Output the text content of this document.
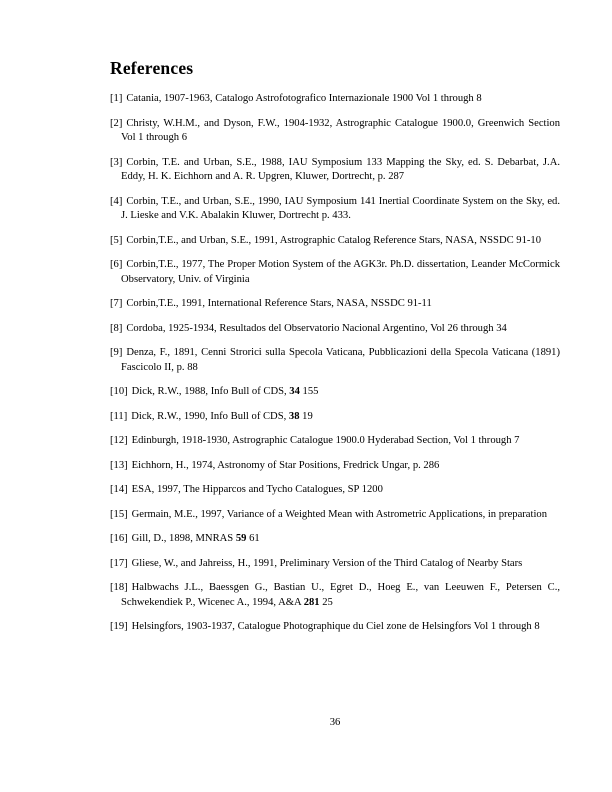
References

[1] Catania, 1907-1963, Catalogo Astrofotografico Internazionale 1900 Vol 1 through 8

[2] Christy, W.H.M., and Dyson, F.W., 1904-1932, Astrographic Catalogue 1900.0, Greenwich Section Vol 1 through 6

[3] Corbin, T.E. and Urban, S.E., 1988, IAU Symposium 133 Mapping the Sky, ed. S. Debarbat, J.A. Eddy, H. K. Eichhorn and A. R. Upgren, Kluwer, Dortrecht, p. 287

[4] Corbin, T.E., and Urban, S.E., 1990, IAU Symposium 141 Inertial Coordinate System on the Sky, ed. J. Lieske and V.K. Abalakin Kluwer, Dortrecht p. 433.

[5] Corbin,T.E., and Urban, S.E., 1991, Astrographic Catalog Reference Stars, NASA, NSSDC 91-10

[6] Corbin,T.E., 1977, The Proper Motion System of the AGK3r. Ph.D. dissertation, Leander McCormick Observatory, Univ. of Virginia

[7] Corbin,T.E., 1991, International Reference Stars, NASA, NSSDC 91-11

[8] Cordoba, 1925-1934, Resultados del Observatorio Nacional Argentino, Vol 26 through 34

[9] Denza, F., 1891, Cenni Strorici sulla Specola Vaticana, Pubblicazioni della Specola Vaticana (1891) Fascicolo II, p. 88

[10] Dick, R.W., 1988, Info Bull of CDS, 34 155

[11] Dick, R.W., 1990, Info Bull of CDS, 38 19

[12] Edinburgh, 1918-1930, Astrographic Catalogue 1900.0 Hyderabad Section, Vol 1 through 7

[13] Eichhorn, H., 1974, Astronomy of Star Positions, Fredrick Ungar, p. 286

[14] ESA, 1997, The Hipparcos and Tycho Catalogues, SP 1200

[15] Germain, M.E., 1997, Variance of a Weighted Mean with Astrometric Applications, in preparation

[16] Gill, D., 1898, MNRAS 59 61

[17] Gliese, W., and Jahreiss, H., 1991, Preliminary Version of the Third Catalog of Nearby Stars

[18] Halbwachs J.L., Baessgen G., Bastian U., Egret D., Hoeg E., van Leeuwen F., Petersen C., Schwekendiek P., Wicenec A., 1994, A&A 281 25

[19] Helsingfors, 1903-1937, Catalogue Photographique du Ciel zone de Helsingfors Vol 1 through 8

36
